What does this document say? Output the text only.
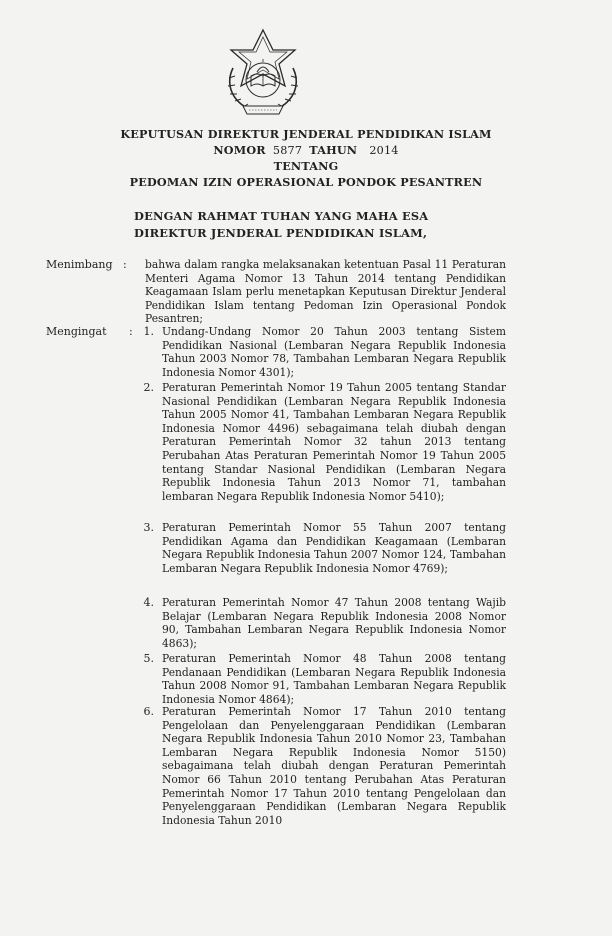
KEPUTUSAN DIREKTUR JENDERAL PENDIDIKAN ISLAM
NOMOR 5877 TAHUN 2014
TENTANG
PEDOMAN IZIN OPERASIONAL PONDOK PESANTREN
DENGAN RAHMAT TUHAN YANG MAHA ESA
DIREKTUR JENDERAL PENDIDIKAN ISLAM,
Menimbang : bahwa dalam rangka melaksanakan ketentuan Pasal 11 Peraturan Menteri Agama Nomor 13 Tahun 2014 tentang Pendidikan Keagamaan Islam perlu menetapkan Keputusan Direktur Jenderal Pendidikan Islam tentang Pedoman Izin Operasional Pondok Pesantren;
Mengingat : 1. Undang-Undang Nomor 20 Tahun 2003 tentang Sistem Pendidikan Nasional (Lembaran Negara Republik Indonesia Tahun 2003 Nomor 78, Tambahan Lembaran Negara Republik Indonesia Nomor 4301);
2. Peraturan Pemerintah Nomor 19 Tahun 2005 tentang Standar Nasional Pendidikan (Lembaran Negara Republik Indonesia Tahun 2005 Nomor 41, Tambahan Lembaran Negara Republik Indonesia Nomor 4496) sebagaimana telah diubah dengan Peraturan Pemerintah Nomor 32 tahun 2013 tentang Perubahan Atas Peraturan Pemerintah Nomor 19 Tahun 2005 tentang Standar Nasional Pendidikan (Lembaran Negara Republik Indonesia Tahun 2013 Nomor 71, tambahan lembaran Negara Republik Indonesia Nomor 5410);
3. Peraturan Pemerintah Nomor 55 Tahun 2007 tentang Pendidikan Agama dan Pendidikan Keagamaan (Lembaran Negara Republik Indonesia Tahun 2007 Nomor 124, Tambahan Lembaran Negara Republik Indonesia Nomor 4769);
4. Peraturan Pemerintah Nomor 47 Tahun 2008 tentang Wajib Belajar (Lembaran Negara Republik Indonesia 2008 Nomor 90, Tambahan Lembaran Negara Republik Indonesia Nomor 4863);
5. Peraturan Pemerintah Nomor 48 Tahun 2008 tentang Pendanaan Pendidikan (Lembaran Negara Republik Indonesia Tahun 2008 Nomor 91, Tambahan Lembaran Negara Republik Indonesia Nomor 4864);
6. Peraturan Pemerintah Nomor 17 Tahun 2010 tentang Pengelolaan dan Penyelenggaraan Pendidikan (Lembaran Negara Republik Indonesia Tahun 2010 Nomor 23, Tambahan Lembaran Negara Republik Indonesia Nomor 5150) sebagaimana telah diubah dengan Peraturan Pemerintah Nomor 66 Tahun 2010 tentang Perubahan Atas Peraturan Pemerintah Nomor 17 Tahun 2010 tentang Pengelolaan dan Penyelenggaraan Pendidikan (Lembaran Negara Republik Indonesia Tahun 2010
